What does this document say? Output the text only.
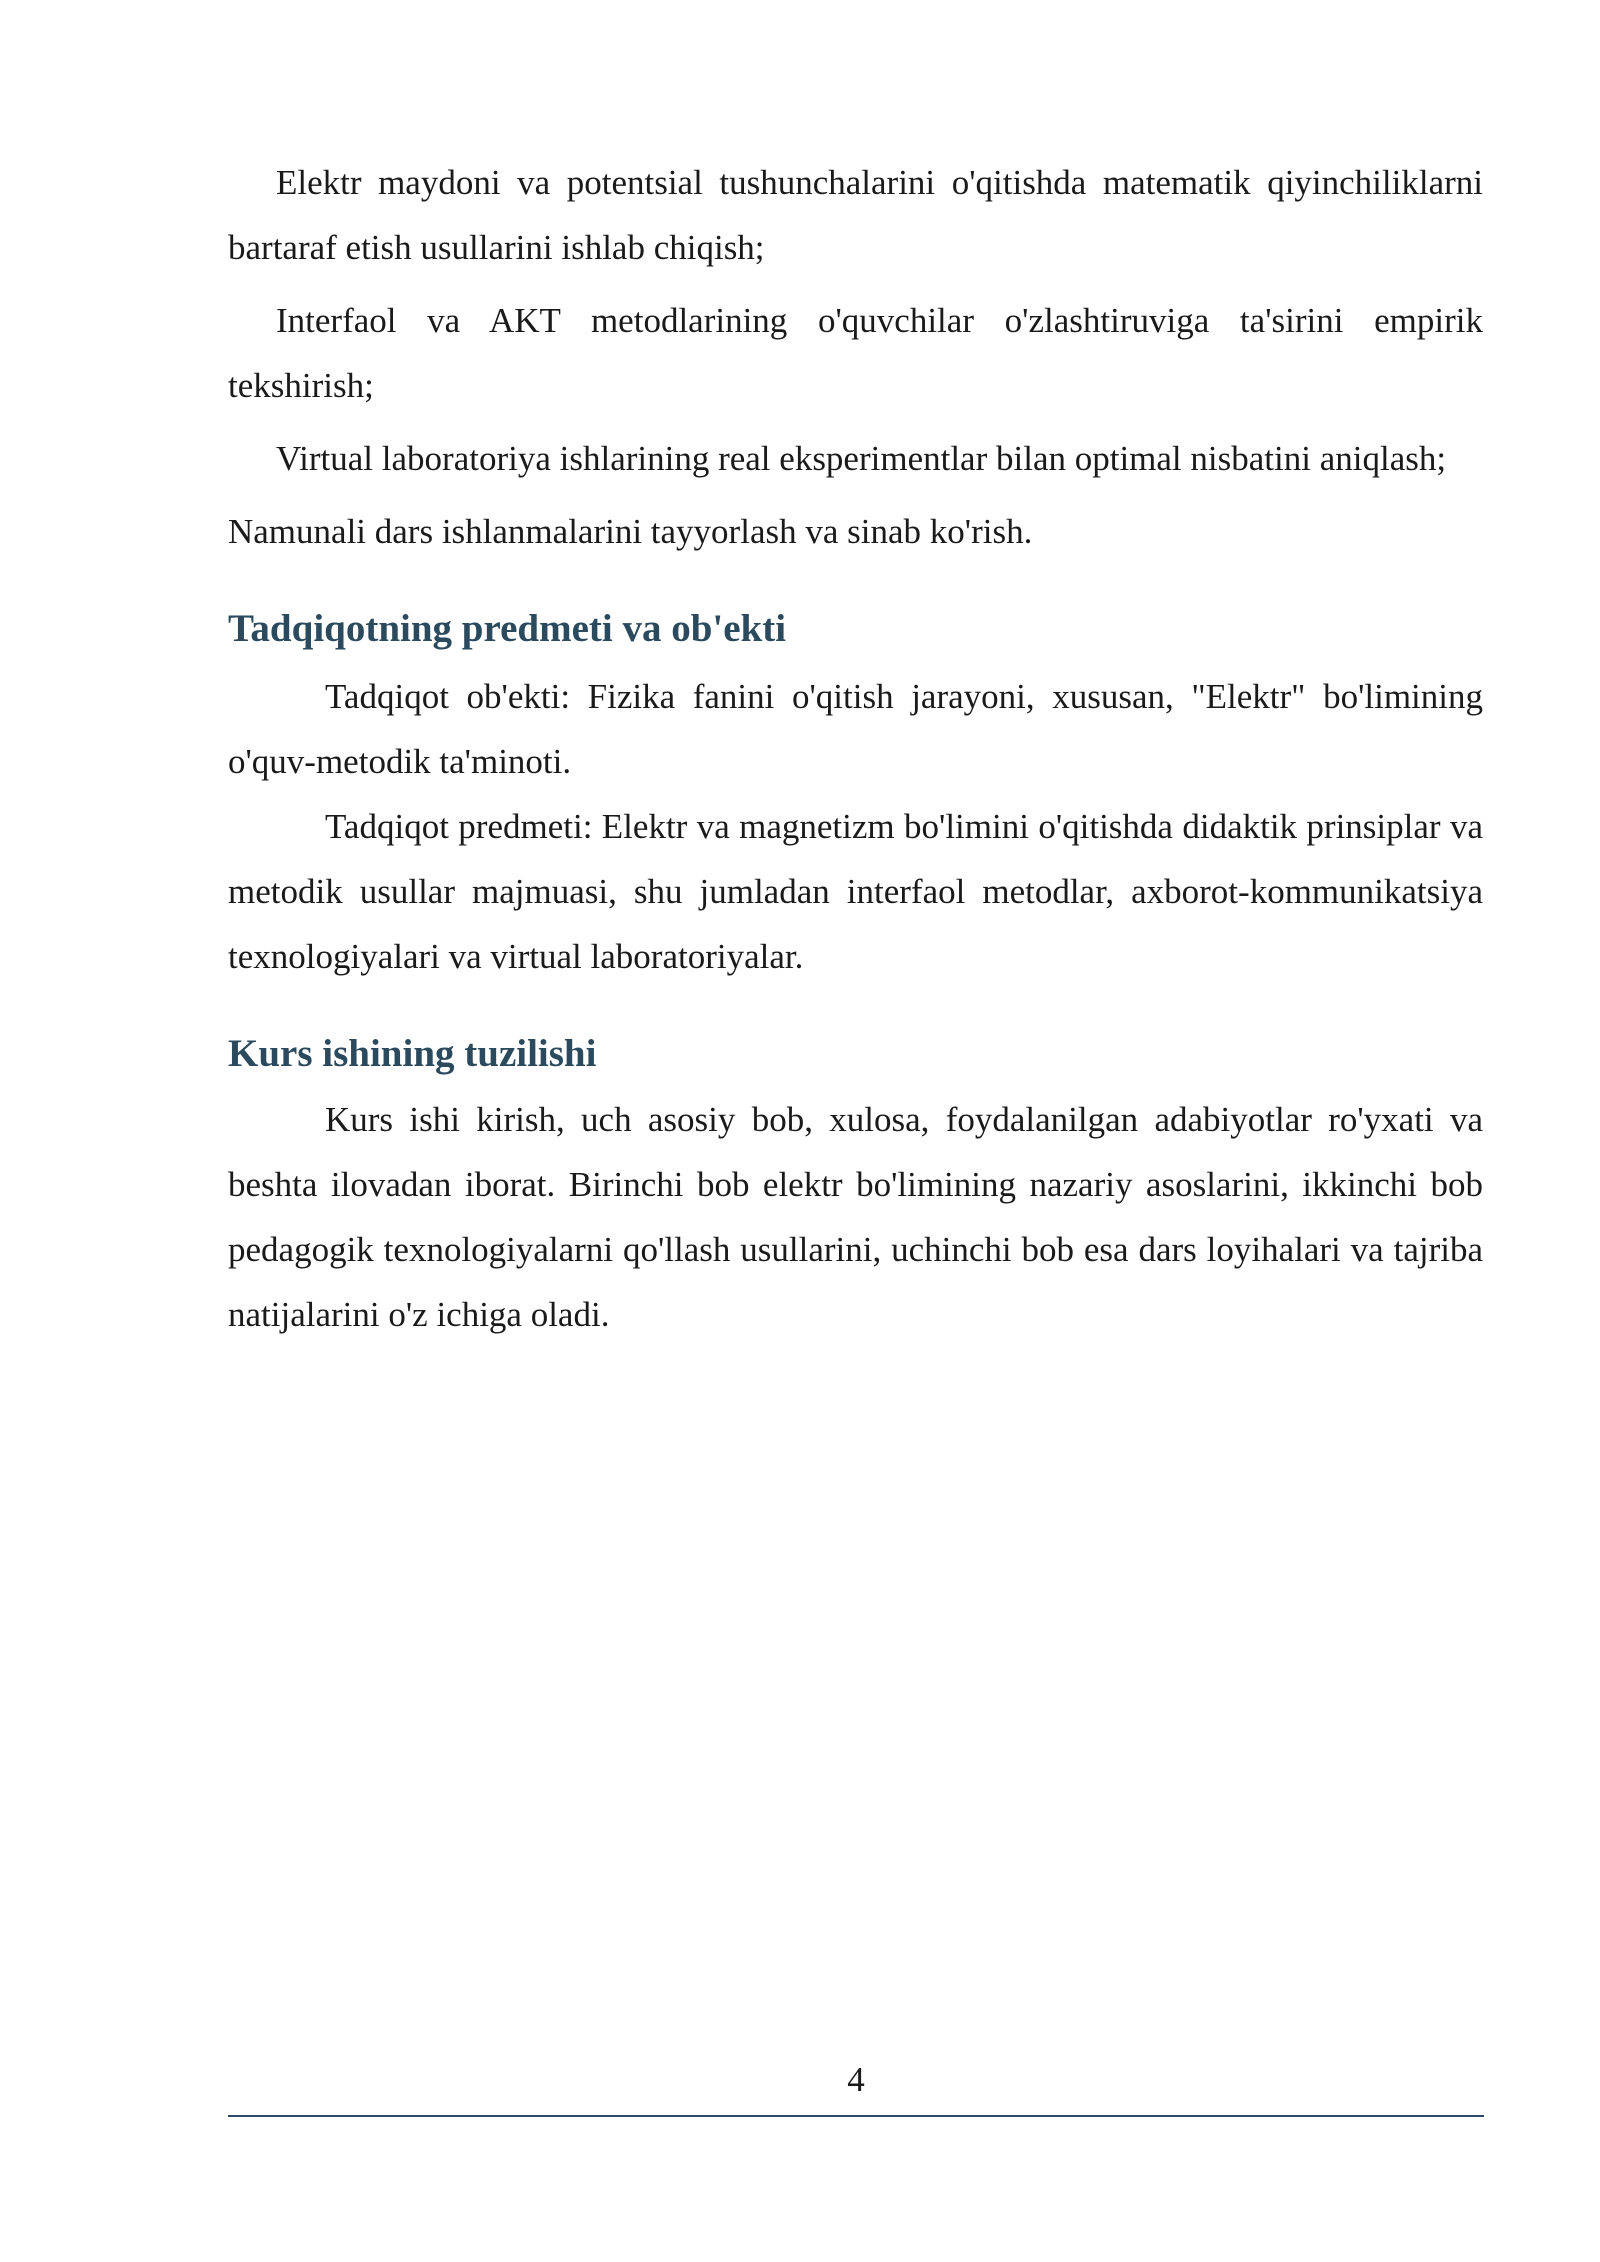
Elektr maydoni va potentsial tushunchalarini o'qitishda matematik qiyinchiliklarni bartaraf etish usullarini ishlab chiqish;

Interfaol va AKT metodlarining o'quvchilar o'zlashtiruviga ta'sirini empirik tekshirish;

Virtual laboratoriya ishlarining real eksperimentlar bilan optimal nisbatini aniqlash;

Namunali dars ishlanmalarini tayyorlash va sinab ko'rish.

Tadqiqotning predmeti va ob'ekti

Tadqiqot ob'ekti: Fizika fanini o'qitish jarayoni, xususan, "Elektr" bo'limining o'quv-metodik ta'minoti.

Tadqiqot predmeti: Elektr va magnetizm bo'limini o'qitishda didaktik prinsiplar va metodik usullar majmuasi, shu jumladan interfaol metodlar, axborot-kommunikatsiya texnologiyalari va virtual laboratoriyalar.

Kurs ishining tuzilishi

Kurs ishi kirish, uch asosiy bob, xulosa, foydalanilgan adabiyotlar ro'yxati va beshta ilovadan iborat. Birinchi bob elektr bo'limining nazariy asoslarini, ikkinchi bob pedagogik texnologiyalarni qo'llash usullarini, uchinchi bob esa dars loyihalari va tajriba natijalarini o'z ichiga oladi.

4
